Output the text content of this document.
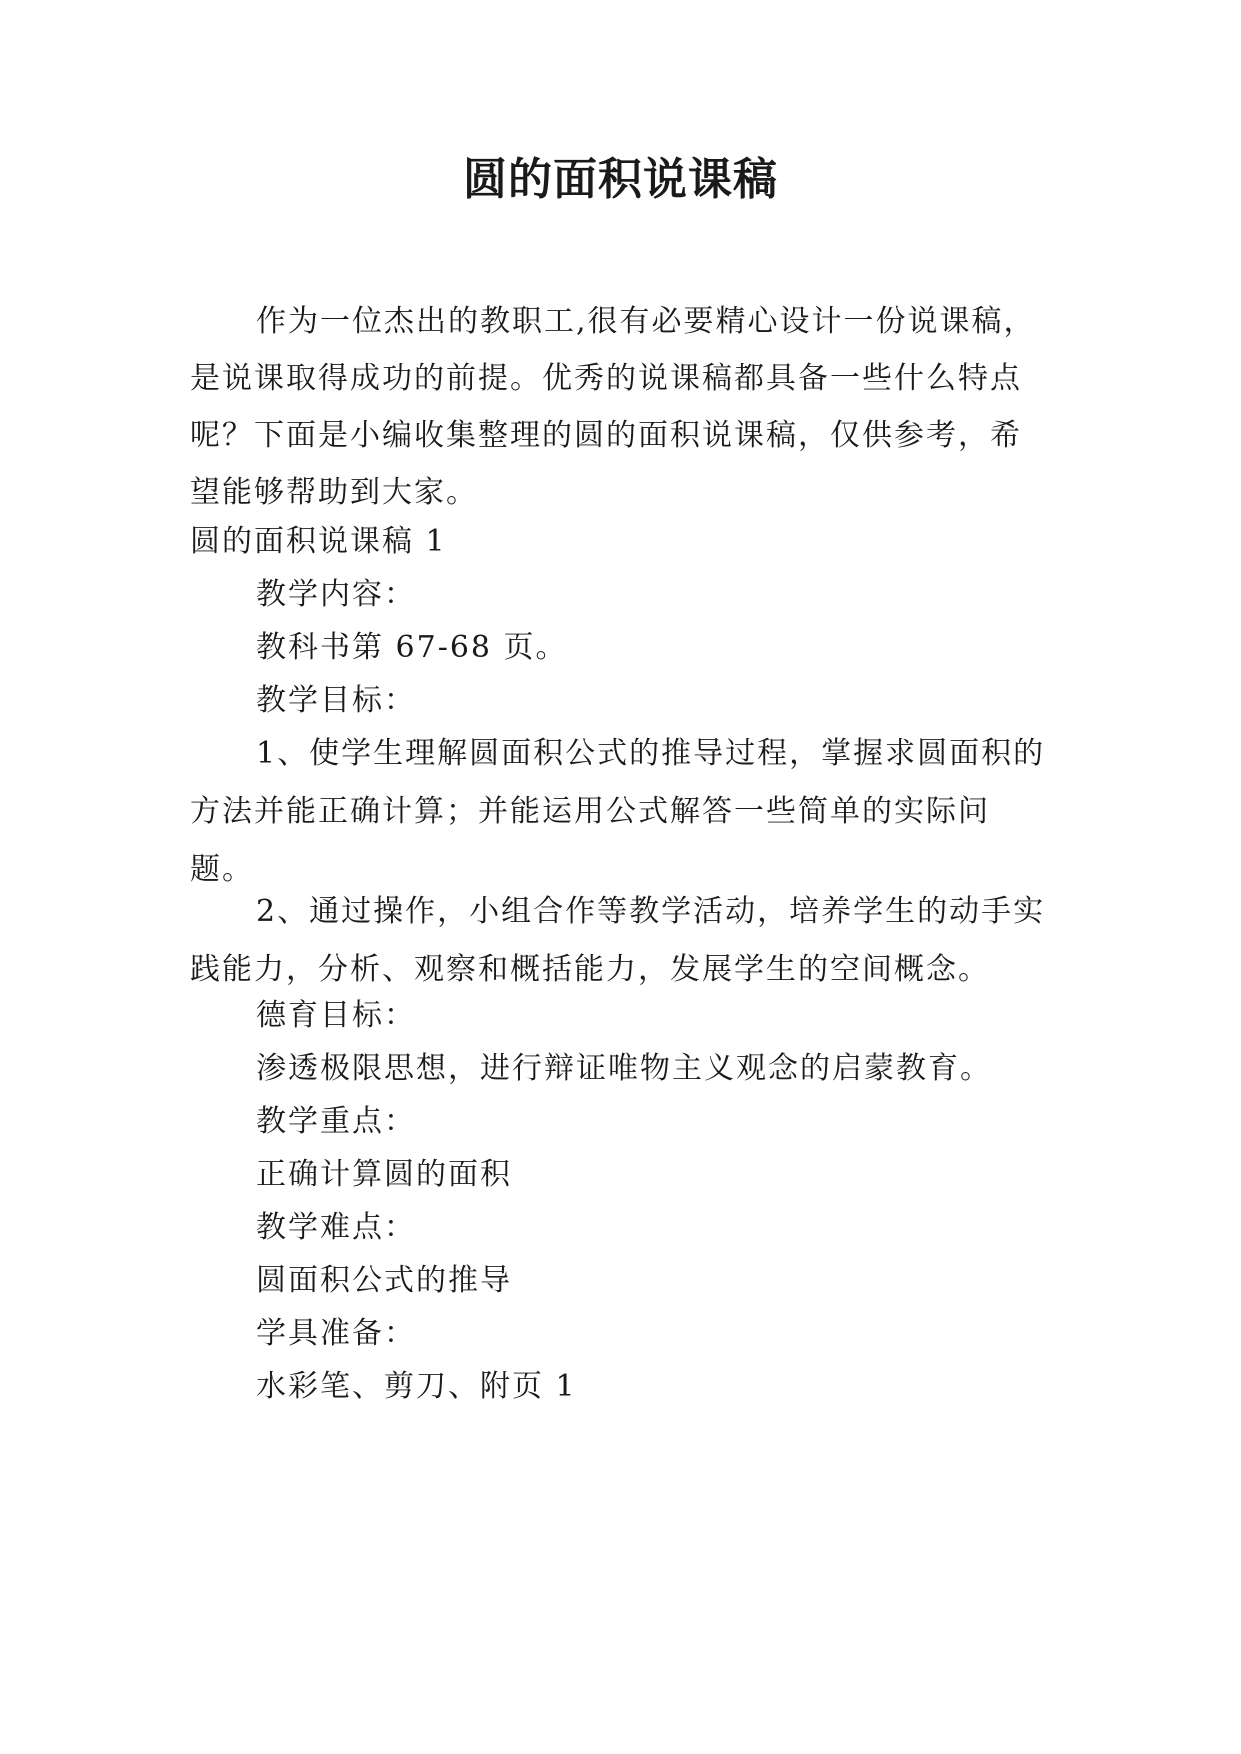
圆的面积说课稿

作为一位杰出的教职工,很有必要精心设计一份说课稿，是说课取得成功的前提。优秀的说课稿都具备一些什么特点呢？下面是小编收集整理的圆的面积说课稿，仅供参考，希望能够帮助到大家。

圆的面积说课稿 1
教学内容：
教科书第 67-68 页。
教学目标：

1、使学生理解圆面积公式的推导过程，掌握求圆面积的方法并能正确计算；并能运用公式解答一些简单的实际问题。

2、通过操作，小组合作等教学活动，培养学生的动手实践能力，分析、观察和概括能力，发展学生的空间概念。

德育目标：
渗透极限思想，进行辩证唯物主义观念的启蒙教育。
教学重点：
正确计算圆的面积
教学难点：
圆面积公式的推导
学具准备：
水彩笔、剪刀、附页 1
